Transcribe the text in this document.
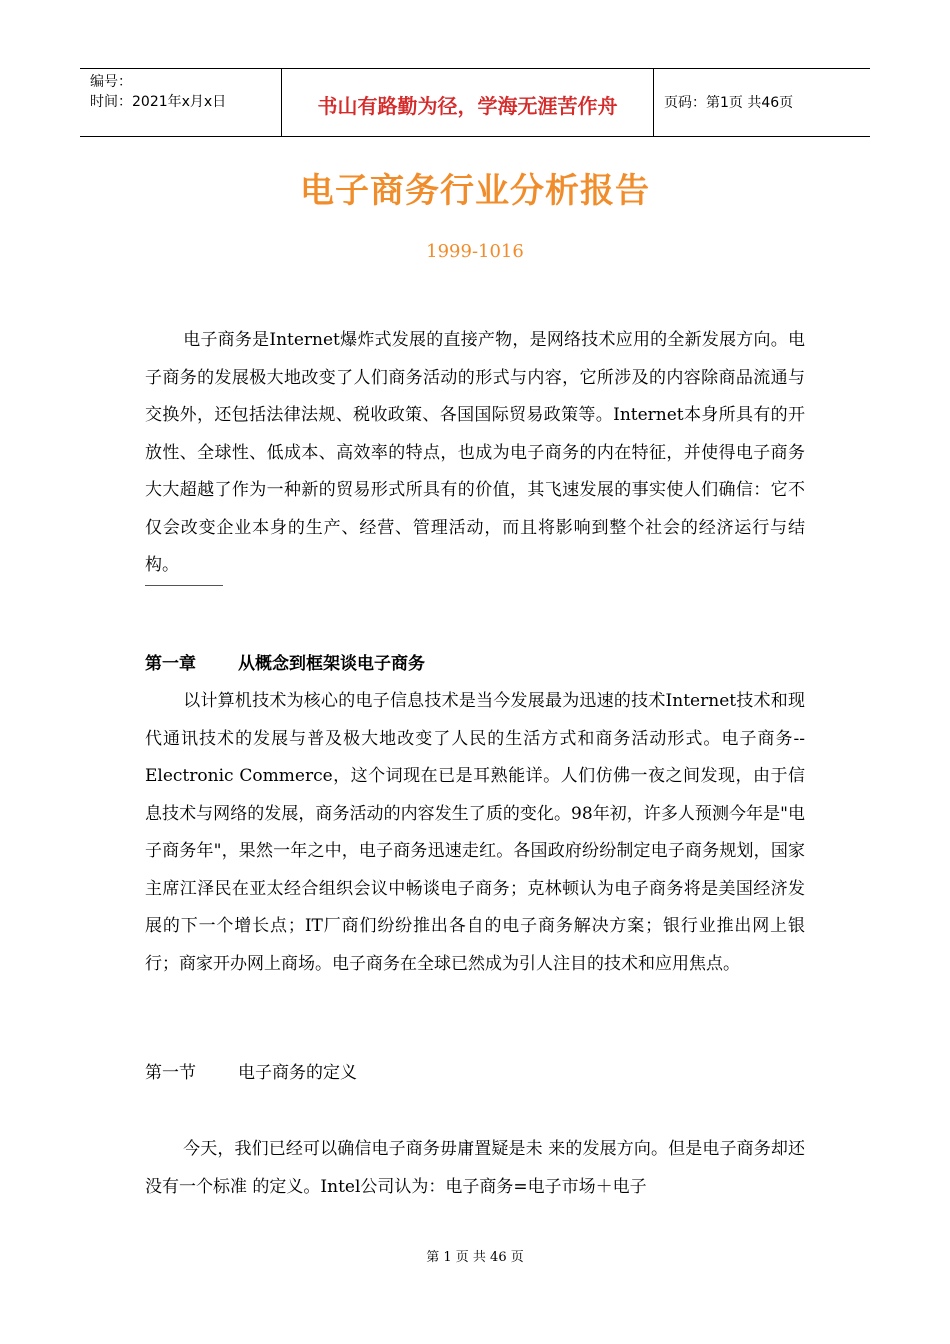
编号：
时间：2021年x月x日	书山有路勤为径，学海无涯苦作舟	页码：第1页 共46页
电子商务行业分析报告
1999-1016

电子商务是Internet爆炸式发展的直接产物，是网络技术应用的全新发展方向。电子商务的发展极大地改变了人们商务活动的形式与内容，它所涉及的内容除商品流通与交换外，还包括法律法规、税收政策、各国国际贸易政策等。Internet本身所具有的开放性、全球性、低成本、高效率的特点，也成为电子商务的内在特征，并使得电子商务大大超越了作为一种新的贸易形式所具有的价值，其飞速发展的事实使人们确信：它不仅会改变企业本身的生产、经营、管理活动，而且将影响到整个社会的经济运行与结构。

第一章 从概念到框架谈电子商务

以计算机技术为核心的电子信息技术是当今发展最为迅速的技术Internet技术和现代通讯技术的发展与普及极大地改变了人民的生活方式和商务活动形式。电子商务--Electronic Commerce，这个词现在已是耳熟能详。人们仿佛一夜之间发现，由于信息技术与网络的发展，商务活动的内容发生了质的变化。98年初，许多人预测今年是"电子商务年"，果然一年之中，电子商务迅速走红。各国政府纷纷制定电子商务规划，国家主席江泽民在亚太经合组织会议中畅谈电子商务；克林顿认为电子商务将是美国经济发展的下一个增长点；IT厂商们纷纷推出各自的电子商务解决方案；银行业推出网上银行；商家开办网上商场。电子商务在全球已然成为引人注目的技术和应用焦点。

第一节 电子商务的定义

今天，我们已经可以确信电子商务毋庸置疑是未 来的发展方向。但是电子商务却还没有一个标准 的定义。Intel公司认为：电子商务=电子市场＋电子

第 1 页 共 46 页
